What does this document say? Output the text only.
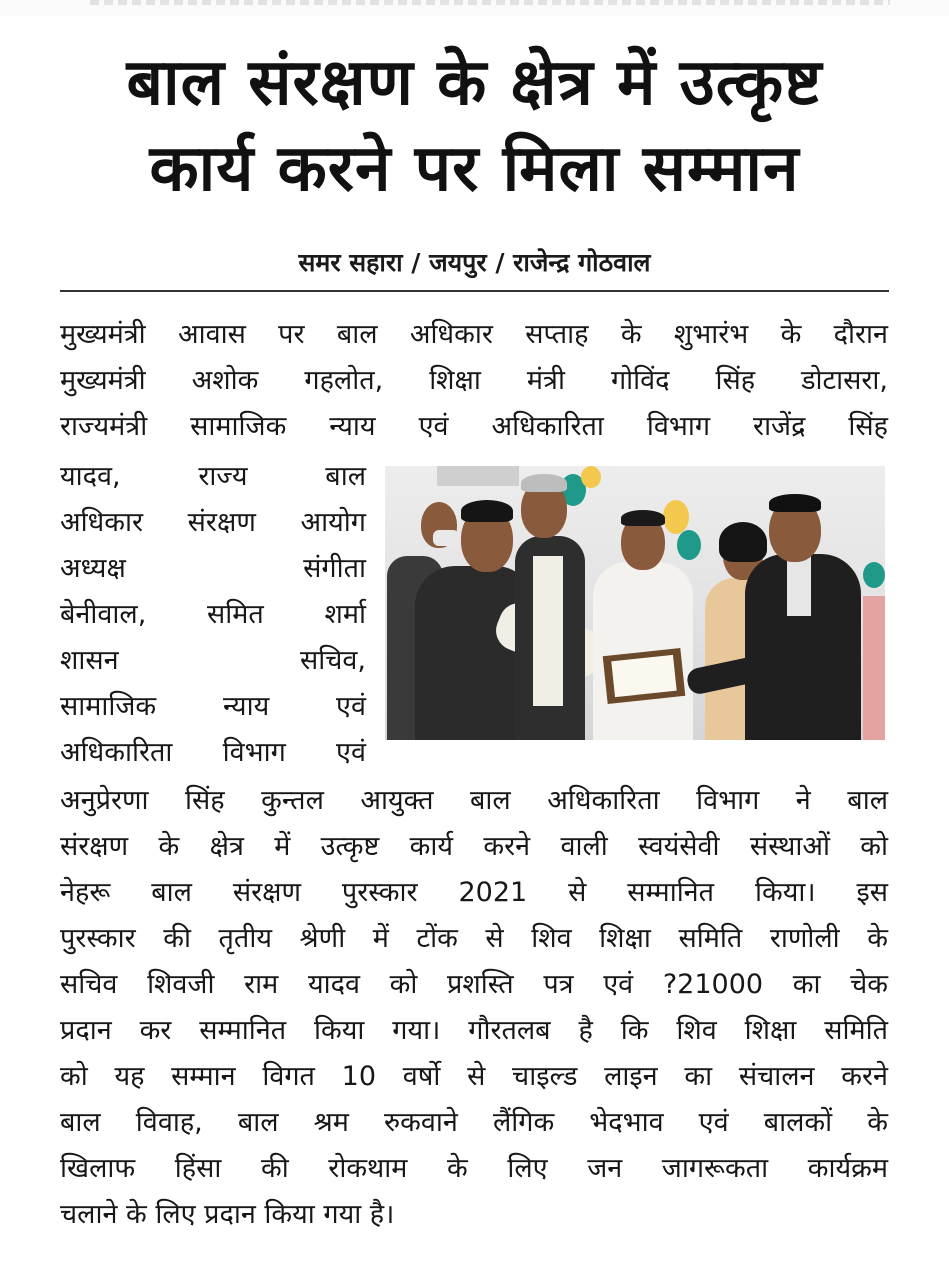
बाल संरक्षण के क्षेत्र में उत्कृष्ट
कार्य करने पर मिला सम्मान
समर सहारा / जयपुर / राजेन्द्र गोठवाल

मुख्यमंत्री आवास पर बाल अधिकार सप्ताह के शुभारंभ के दौरान
मुख्यमंत्री अशोक गहलोत, शिक्षा मंत्री गोविंद सिंह डोटासरा,
राज्यमंत्री सामाजिक न्याय एवं अधिकारिता विभाग राजेंद्र सिंह

यादव, राज्य बाल
अधिकार संरक्षण आयोग
अध्यक्ष संगीता
बेनीवाल, समित शर्मा
शासन सचिव,
सामाजिक न्याय एवं
अधिकारिता विभाग एवं

अनुप्रेरणा सिंह कुन्तल आयुक्त बाल अधिकारिता विभाग ने बाल
संरक्षण के क्षेत्र में उत्कृष्ट कार्य करने वाली स्वयंसेवी संस्थाओं को
नेहरू बाल संरक्षण पुरस्कार 2021 से सम्मानित किया। इस
पुरस्कार की तृतीय श्रेणी में टोंक से शिव शिक्षा समिति राणोली के
सचिव शिवजी राम यादव को प्रशस्ति पत्र एवं ?21000 का चेक
प्रदान कर सम्मानित किया गया। गौरतलब है कि शिव शिक्षा समिति
को यह सम्मान विगत 10 वर्षो से चाइल्ड लाइन का संचालन करने
बाल विवाह, बाल श्रम रुकवाने लैंगिक भेदभाव एवं बालकों के
खिलाफ हिंसा की रोकथाम के लिए जन जागरूकता कार्यक्रम
चलाने के लिए प्रदान किया गया है।
